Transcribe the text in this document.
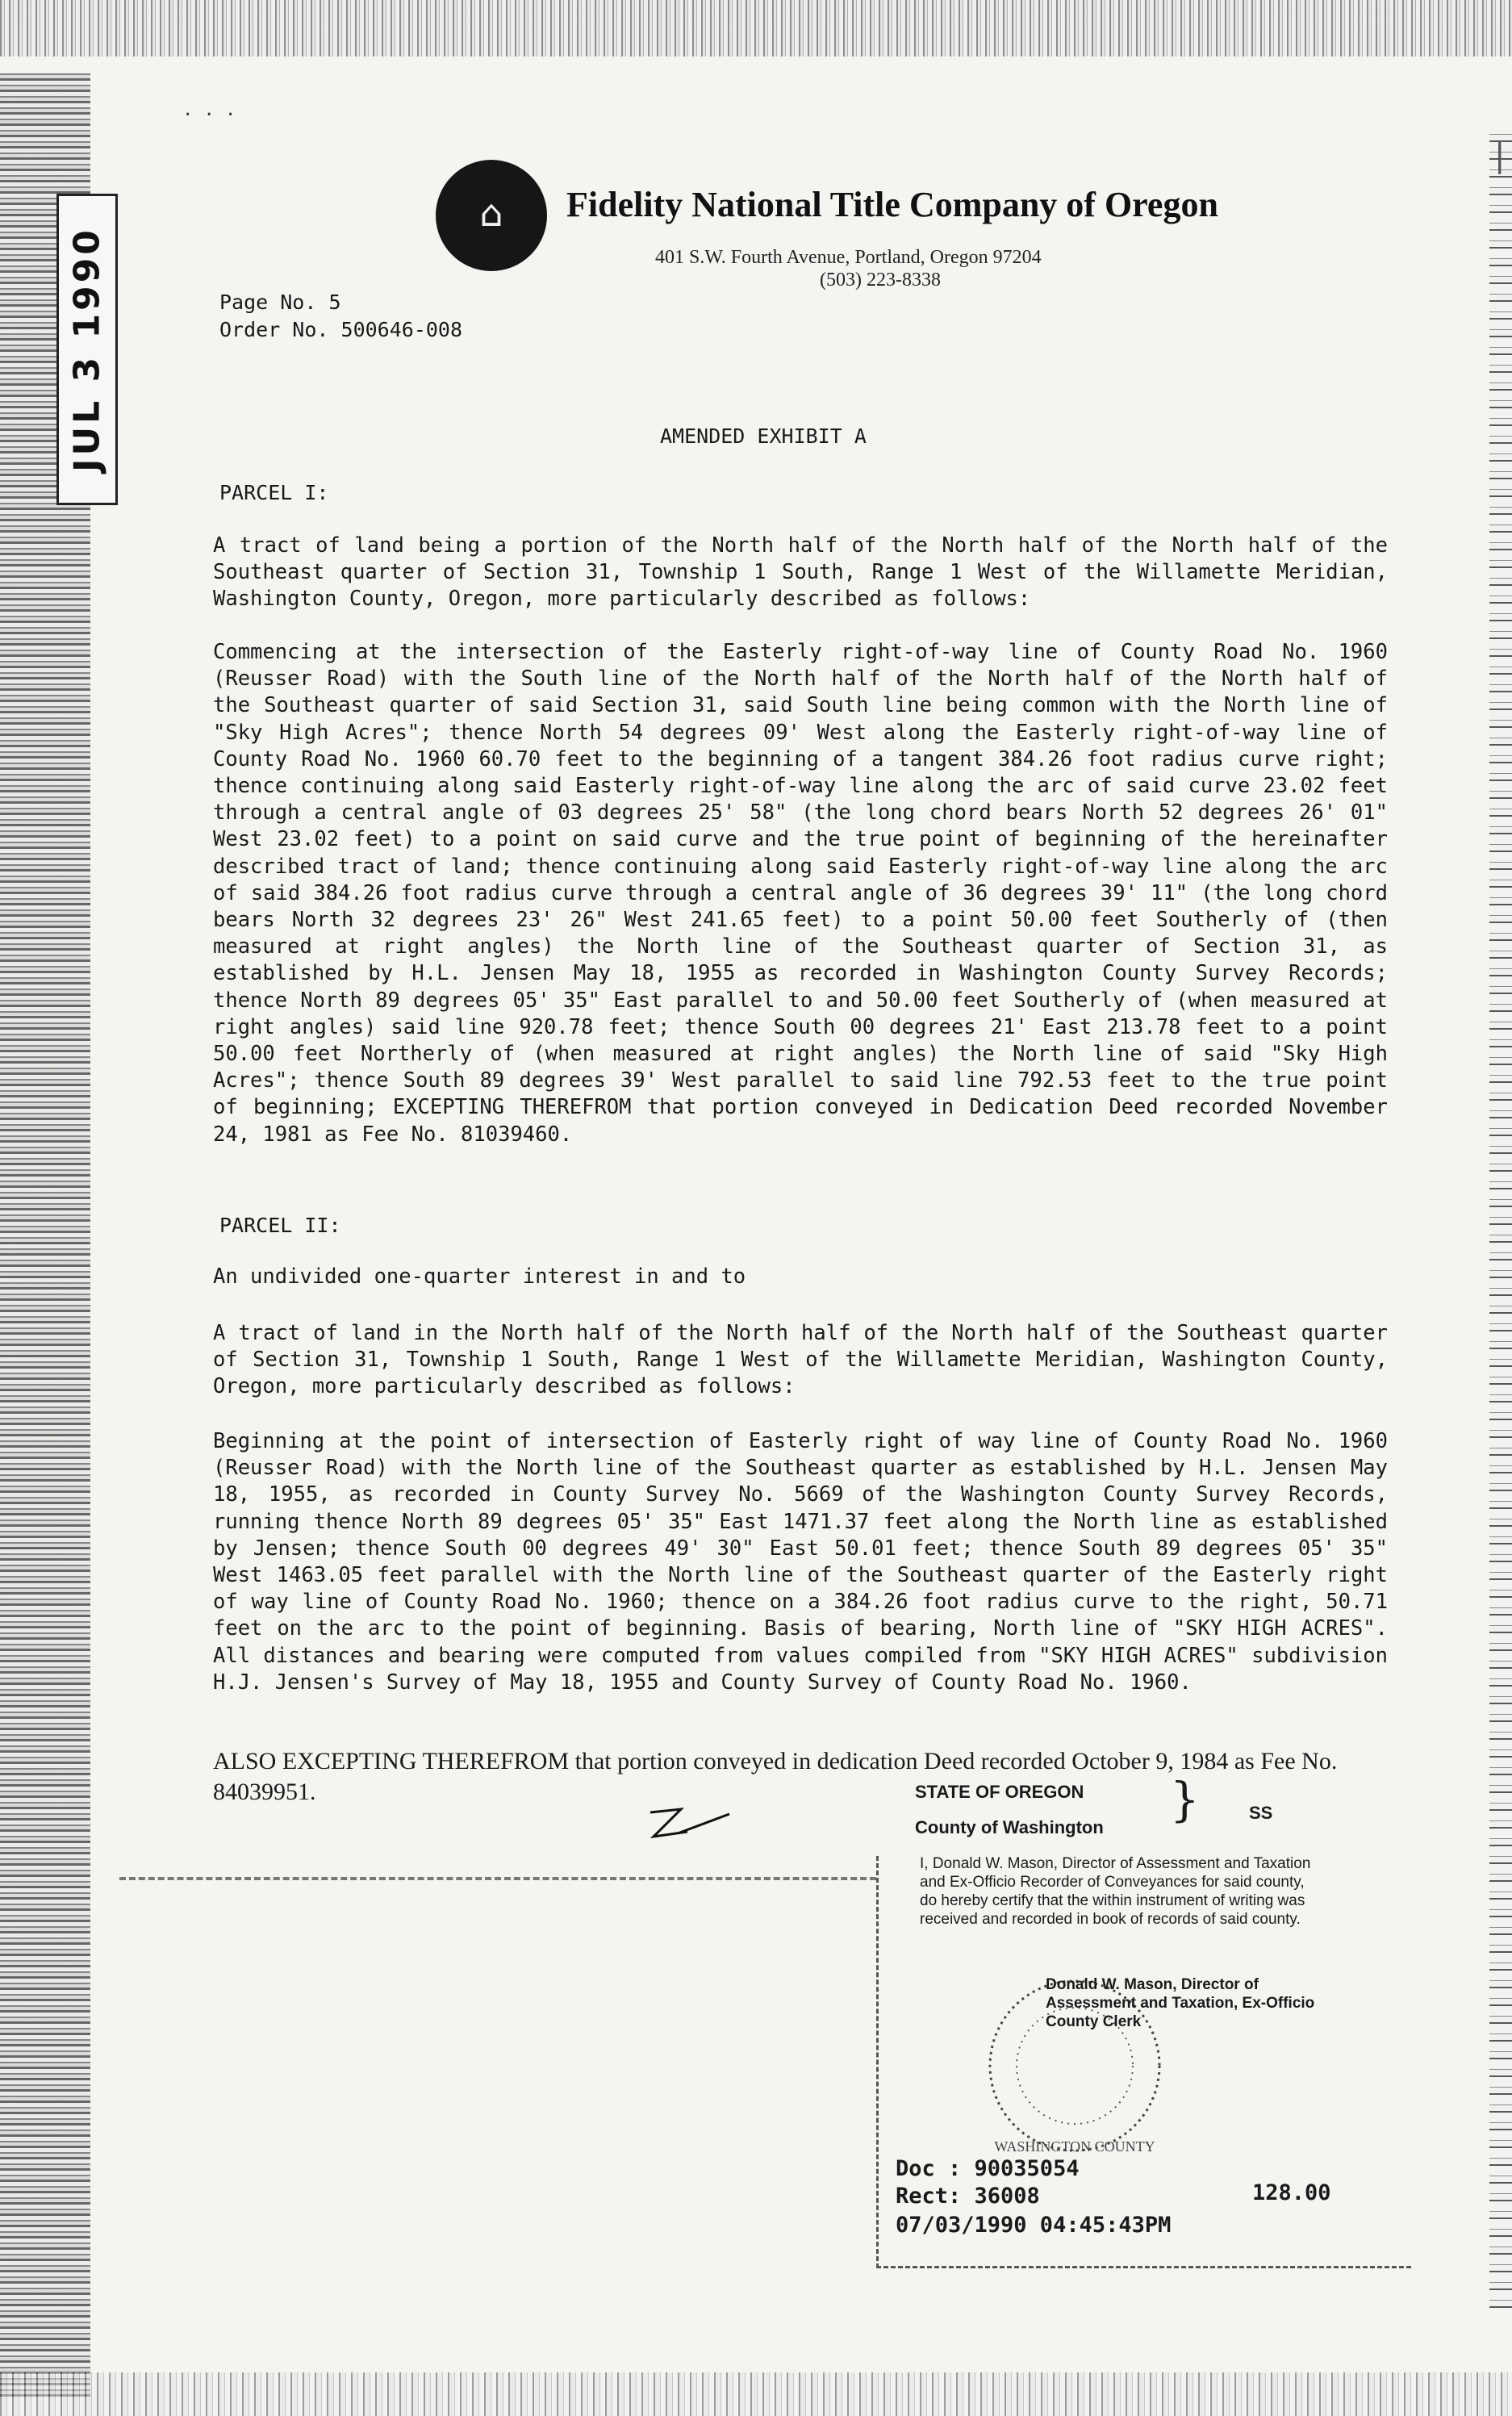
· · ·
|
JUL 3 1990
⌂ Fidelity National Title Company of Oregon
401 S.W. Fourth Avenue, Portland, Oregon 97204
(503) 223-8338
Page No. 5
Order No. 500646-008
AMENDED EXHIBIT A
PARCEL I:

A tract of land being a portion of the North half of the North half of the North half of the Southeast quarter of Section 31, Township 1 South, Range 1 West of the Willamette Meridian, Washington County, Oregon, more particularly described as follows:

Commencing at the intersection of the Easterly right-of-way line of County Road No. 1960 (Reusser Road) with the South line of the North half of the North half of the North half of the Southeast quarter of said Section 31, said South line being common with the North line of "Sky High Acres"; thence North 54 degrees 09' West along the Easterly right-of-way line of County Road No. 1960 60.70 feet to the beginning of a tangent 384.26 foot radius curve right; thence continuing along said Easterly right-of-way line along the arc of said curve 23.02 feet through a central angle of 03 degrees 25' 58" (the long chord bears North 52 degrees 26' 01" West 23.02 feet) to a point on said curve and the true point of beginning of the hereinafter described tract of land; thence continuing along said Easterly right-of-way line along the arc of said 384.26 foot radius curve through a central angle of 36 degrees 39' 11" (the long chord bears North 32 degrees 23' 26" West 241.65 feet) to a point 50.00 feet Southerly of (then measured at right angles) the North line of the Southeast quarter of Section 31, as established by H.L. Jensen May 18, 1955 as recorded in Washington County Survey Records; thence North 89 degrees 05' 35" East parallel to and 50.00 feet Southerly of (when measured at right angles) said line 920.78 feet; thence South 00 degrees 21' East 213.78 feet to a point 50.00 feet Northerly of (when measured at right angles) the North line of said "Sky High Acres"; thence South 89 degrees 39' West parallel to said line 792.53 feet to the true point of beginning; EXCEPTING THEREFROM that portion conveyed in Dedication Deed recorded November 24, 1981 as Fee No. 81039460.

PARCEL II:

An undivided one-quarter interest in and to

A tract of land in the North half of the North half of the North half of the Southeast quarter of Section 31, Township 1 South, Range 1 West of the Willamette Meridian, Washington County, Oregon, more particularly described as follows:

Beginning at the point of intersection of Easterly right of way line of County Road No. 1960 (Reusser Road) with the North line of the Southeast quarter as established by H.L. Jensen May 18, 1955, as recorded in County Survey No. 5669 of the Washington County Survey Records, running thence North 89 degrees 05' 35" East 1471.37 feet along the North line as established by Jensen; thence South 00 degrees 49' 30" East 50.01 feet; thence South 89 degrees 05' 35" West 1463.05 feet parallel with the North line of the Southeast quarter of the Easterly right of way line of County Road No. 1960; thence on a 384.26 foot radius curve to the right, 50.71 feet on the arc to the point of beginning. Basis of bearing, North line of "SKY HIGH ACRES". All distances and bearing were computed from values compiled from "SKY HIGH ACRES" subdivision H.J. Jensen's Survey of May 18, 1955 and County Survey of County Road No. 1960.

ALSO EXCEPTING THEREFROM that portion conveyed in dedication Deed recorded October 9, 1984 as Fee No. 84039951.	STATE OF OREGON }	SS
County of Washington

I, Donald W. Mason, Director of Assessment and Taxation and Ex-Officio Recorder of Conveyances for said county, do hereby certify that the within instrument of writing was received and recorded in book of records of said county.

WASHINGTON COUNTY

Donald W. Mason, Director of Assessment and Taxation, Ex-Officio County Clerk

Doc : 90035054
Rect: 36008
07/03/1990 04:45:43PM
128.00
